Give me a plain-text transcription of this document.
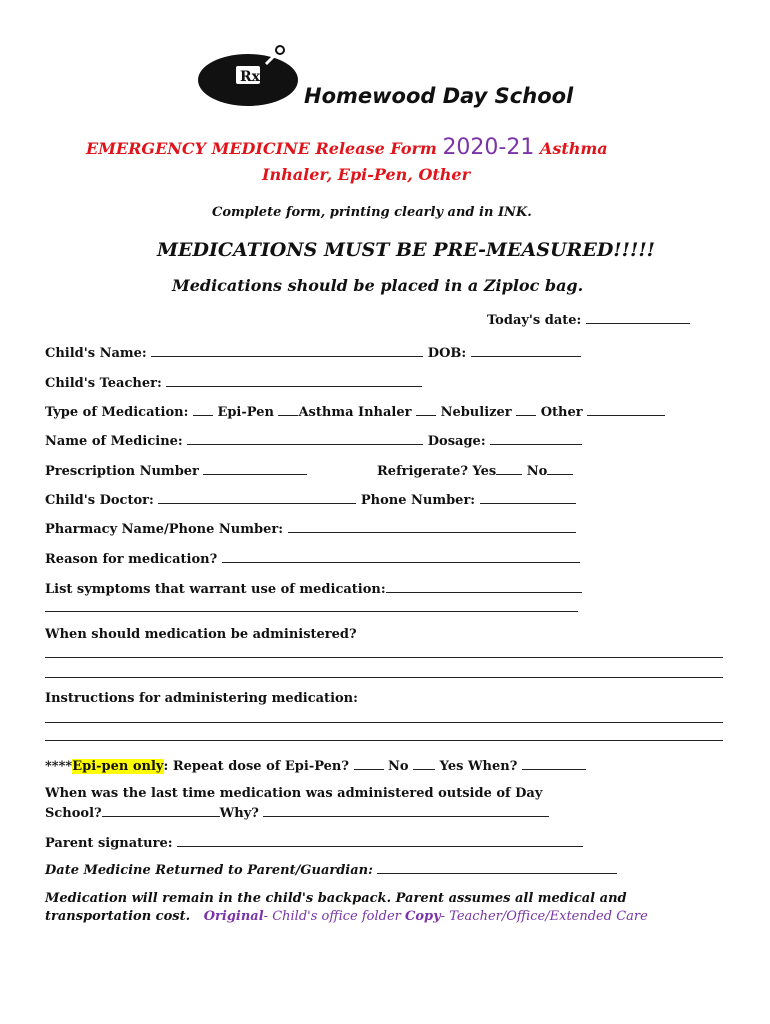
Rx
Homewood Day School
EMERGENCY MEDICINE Release Form 2020-21 Asthma
Inhaler, Epi-Pen, Other
Complete form, printing clearly and in INK.
MEDICATIONS MUST BE PRE-MEASURED!!!!!
Medications should be placed in a Ziploc bag.
Today's date:
Child's Name:	DOB:
Child's Teacher:
Type of Medication: Epi-Pen Asthma Inhaler Nebulizer Other
Name of Medicine:	Dosage:
Prescription Number	Refrigerate? Yes No
Child's Doctor:	Phone Number:
Pharmacy Name/Phone Number:
Reason for medication?
List symptoms that warrant use of medication:
When should medication be administered?
Instructions for administering medication:
****Epi-pen only: Repeat dose of Epi-Pen?	No Yes When?
When was the last time medication was administered outside of Day
School?	Why?
Parent signature:
Date Medicine Returned to Parent/Guardian:
Medication will remain in the child's backpack. Parent assumes all medical and
transportation cost. Original- Child's office folder Copy- Teacher/Office/Extended Care
